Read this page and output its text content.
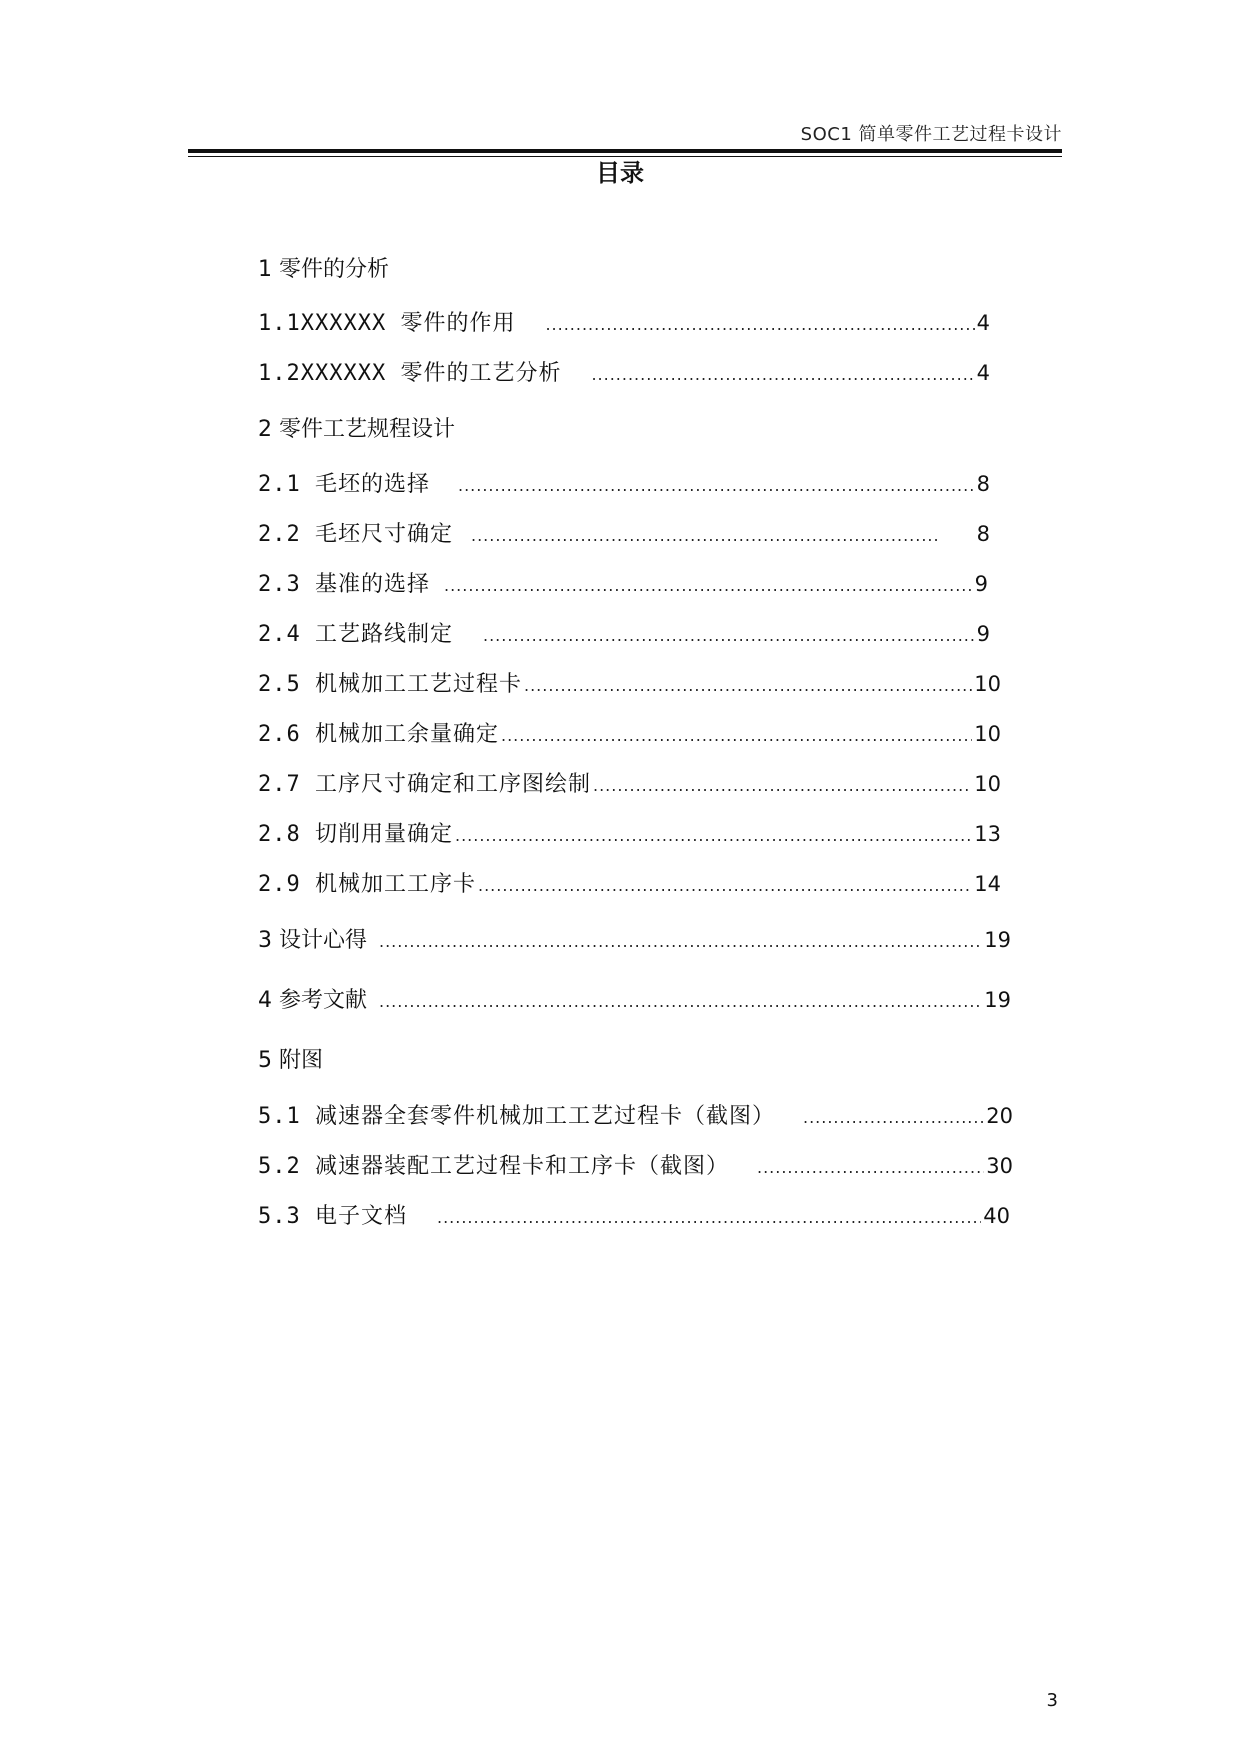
SOC1 简单零件工艺过程卡设计
目录
1 零件的分析
1.1XXXXXX 零件的作用 .....	4
1.2XXXXXX 零件的工艺分析 .....	4
2 零件工艺规程设计
2.1 毛坯的选择 .....	8
2.2 毛坯尺寸确定 .....	8
2.3 基准的选择 .....	9
2.4 工艺路线制定 .....	9
2.5 机械加工工艺过程卡 .....	10
2.6 机械加工余量确定 .....	10
2.7 工序尺寸确定和工序图绘制 .....	10
2.8 切削用量确定 .....	13
2.9 机械加工工序卡 .....	14
3 设计心得 .....	19
4 参考文献 .....	19
5 附图
5.1 减速器全套零件机械加工工艺过程卡（截图） .....	20
5.2 减速器装配工艺过程卡和工序卡（截图） .....	30
5.3 电子文档 .....	40
3
